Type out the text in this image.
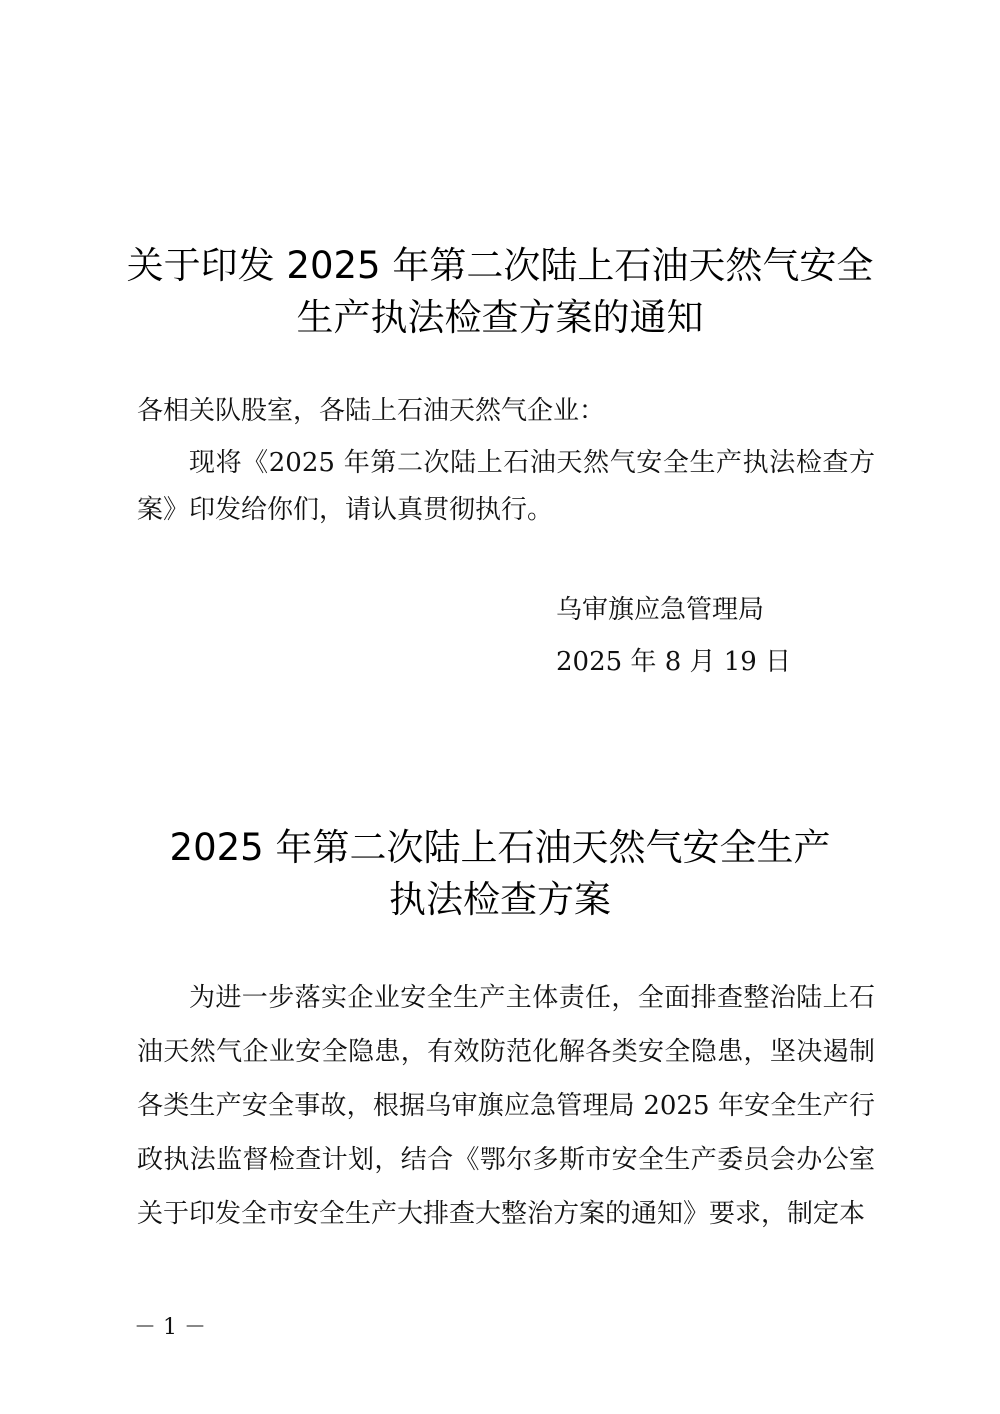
关于印发 2025 年第二次陆上石油天然气安全
生产执法检查方案的通知

各相关队股室，各陆上石油天然气企业：

现将《2025 年第二次陆上石油天然气安全生产执法检查方案》印发给你们，请认真贯彻执行。

乌审旗应急管理局
2025 年 8 月 19 日
2025 年第二次陆上石油天然气安全生产
执法检查方案

为进一步落实企业安全生产主体责任，全面排查整治陆上石油天然气企业安全隐患，有效防范化解各类安全隐患，坚决遏制各类生产安全事故，根据乌审旗应急管理局 2025 年安全生产行政执法监督检查计划，结合《鄂尔多斯市安全生产委员会办公室关于印发全市安全生产大排查大整治方案的通知》要求，制定本

－ 1 －
